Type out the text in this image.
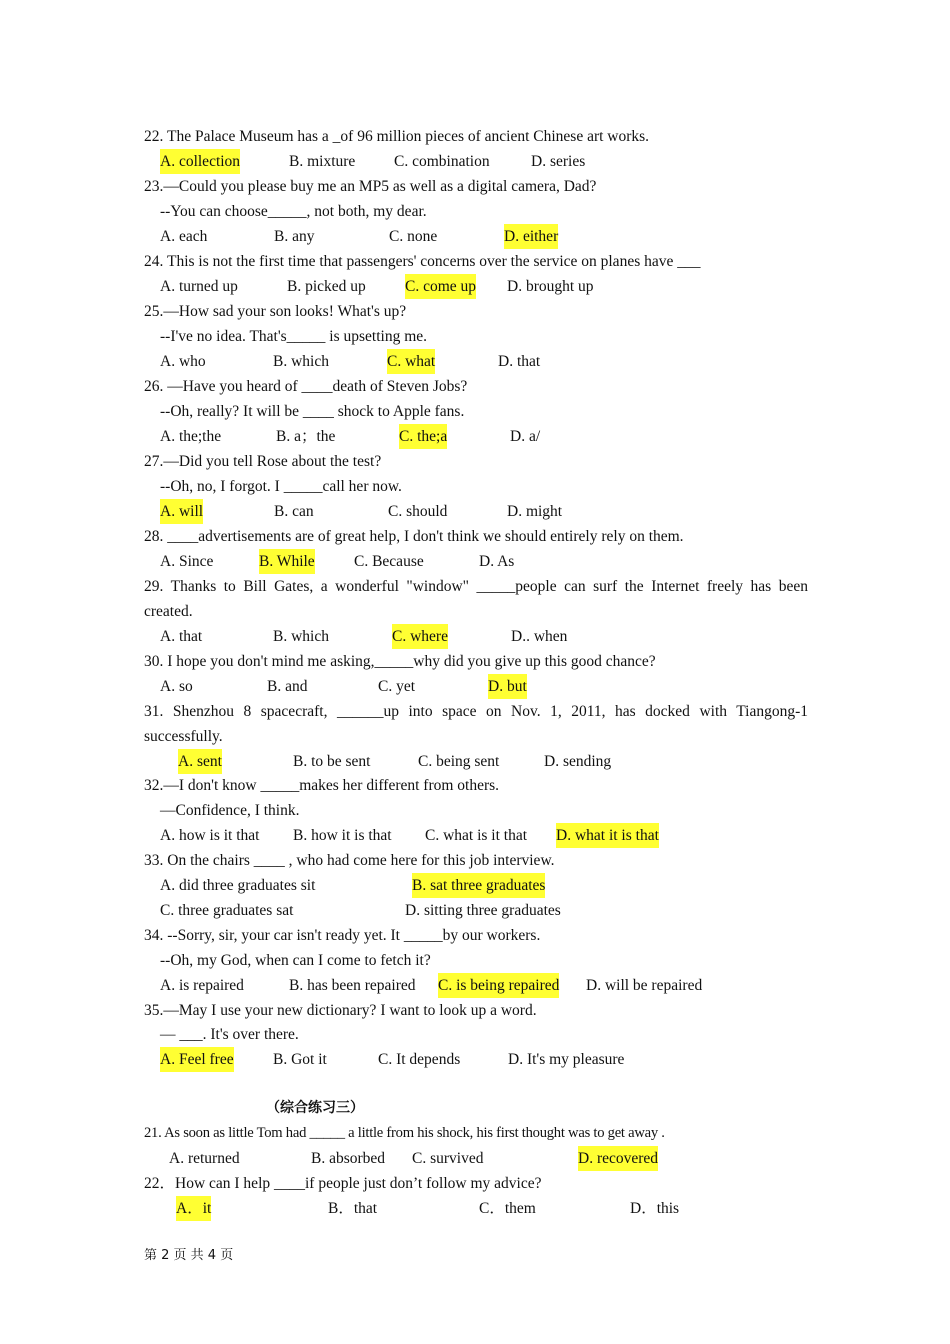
22. The Palace Museum has a _of 96 million pieces of ancient Chinese art works.
A. collection	B. mixture C. combination	D. series
23.—Could you please buy me an MP5 as well as a digital camera, Dad?
--You can choose_____, not both, my dear.
A. each	B. any	C. none	D. either
24. This is not the first time that passengers' concerns over the service on planes have ___
A. turned up	B. picked up	C. come up D. brought up
25.—How sad your son looks! What's up?
--I've no idea. That's_____ is upsetting me.
A. who	B. which	C. what	D. that
26. —Have you heard of ____death of Steven Jobs?
--Oh, really? It will be ____ shock to Apple fans.
A. the;the	B. a；the	C. the;a	D. a/
27.—Did you tell Rose about the test?
--Oh, no, I forgot. I _____call her now.
A. will	B. can	C. should	D. might
28. ____advertisements are of great help, I don't think we should entirely rely on them.
A. Since	B. While	C. Because	D. As
29. Thanks to Bill Gates, a wonderful "window" _____people can surf the Internet freely has been
created.
A. that	B. which	C. where	D.. when
30. I hope you don't mind me asking,_____why did you give up this good chance?
A. so	B. and	C. yet	D. but
31. Shenzhou 8 spacecraft, ______up into space on Nov. 1, 2011, has docked with Tiangong-1
successfully.
A. sent	B. to be sent	C. being sent	D. sending
32.—I don't know _____makes her different from others.
—Confidence, I think.
A. how is it that B. how it is that C. what is it that D. what it is that
33. On the chairs ____ , who had come here for this job interview.
A. did three graduates sit	B. sat three graduates
C. three graduates sat	D. sitting three graduates
34. --Sorry, sir, your car isn't ready yet. It _____by our workers.
--Oh, my God, when can I come to fetch it?
A. is repaired	B. has been repaired C. is being repaired D. will be repaired
35.—May I use your new dictionary? I want to look up a word.
— ___. It's over there.
A. Feel free	B. Got it	C. It depends	D. It's my pleasure
（综合练习三）
21. As soon as little Tom had _____ a little from his shock, his first thought was to get away .
A. returned	B. absorbed C. survived	D. recovered
22．How can I help ____if people just don’t follow my advice?
A．it	B．that	C．them	D．this
第 2 页 共 4 页
